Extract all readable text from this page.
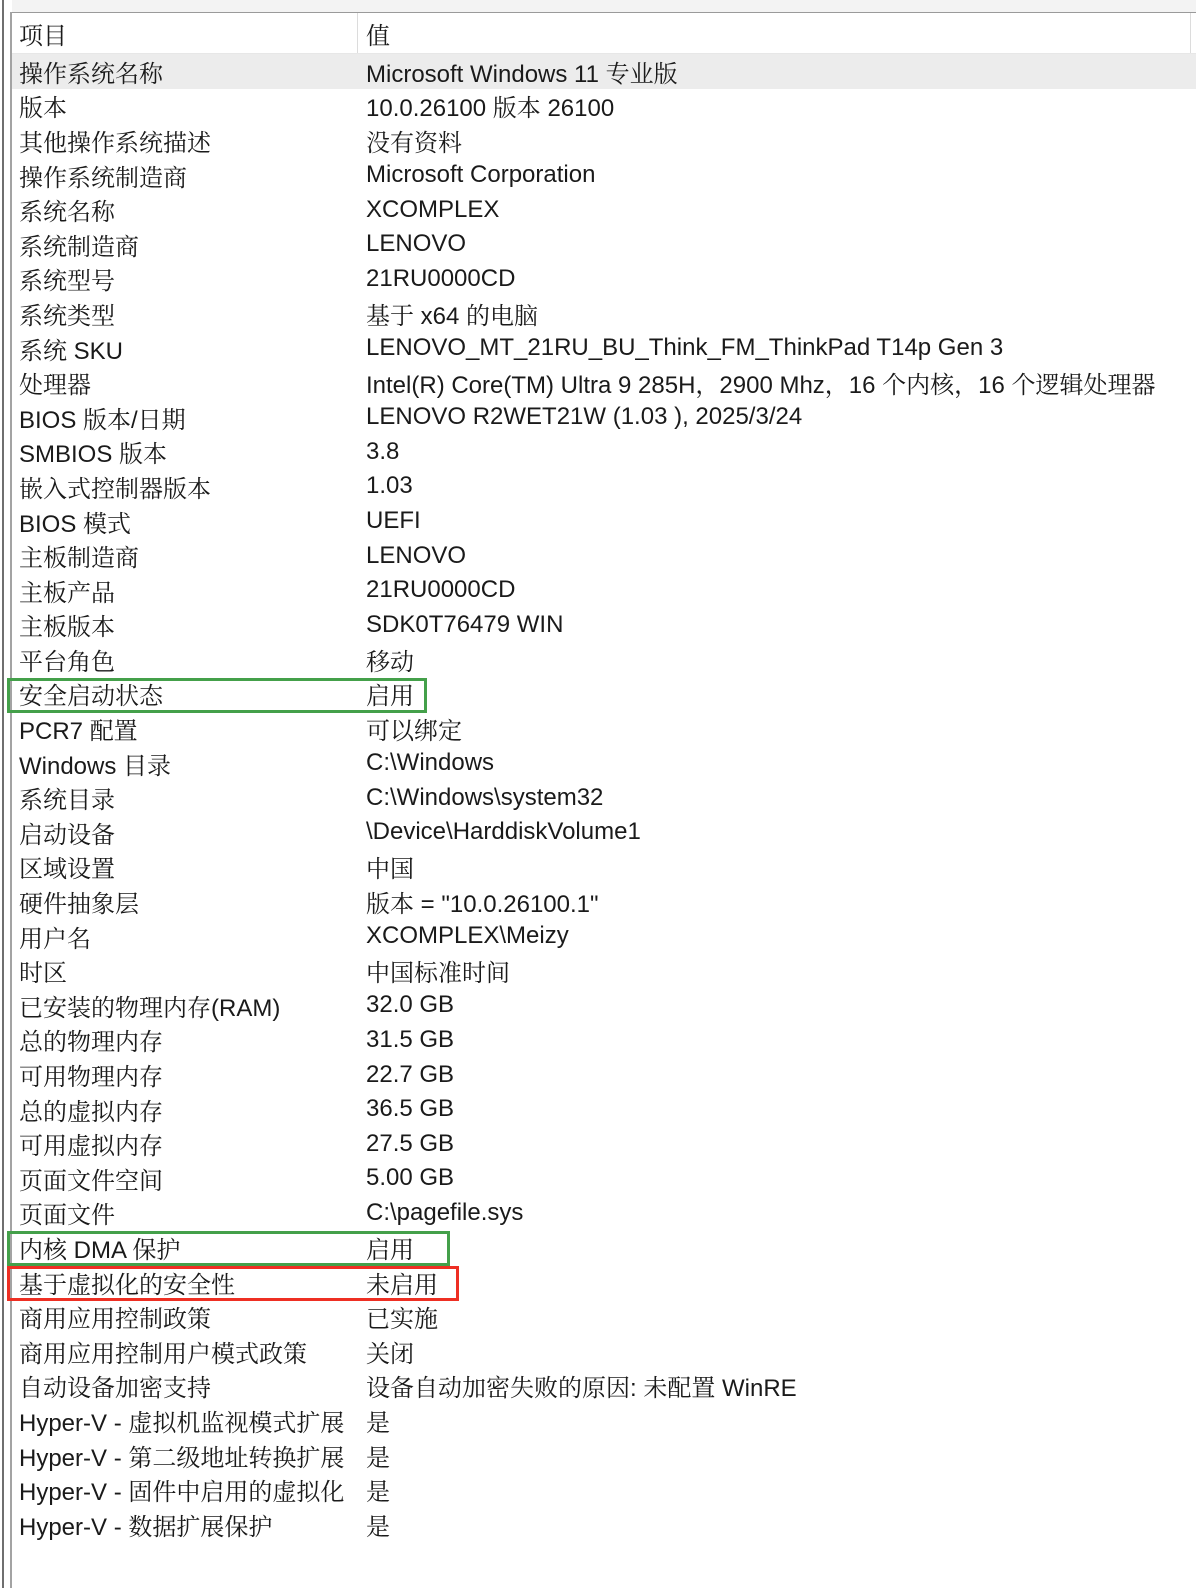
项目	值
操作系统名称	Microsoft Windows 11 专业版
版本	10.0.26100 版本 26100
其他操作系统描述	没有资料
操作系统制造商	Microsoft Corporation
系统名称	XCOMPLEX
系统制造商	LENOVO
系统型号	21RU0000CD
系统类型	基于 x64 的电脑
系统 SKU	LENOVO_MT_21RU_BU_Think_FM_ThinkPad T14p Gen 3
处理器	Intel(R) Core(TM) Ultra 9 285H，2900 Mhz，16 个内核，16 个逻辑处理器
BIOS 版本/日期	LENOVO R2WET21W (1.03 ), 2025/3/24
SMBIOS 版本	3.8
嵌入式控制器版本	1.03
BIOS 模式	UEFI
主板制造商	LENOVO
主板产品	21RU0000CD
主板版本	SDK0T76479 WIN
平台角色	移动
安全启动状态	启用
PCR7 配置	可以绑定
Windows 目录	C:\Windows
系统目录	C:\Windows\system32
启动设备	\Device\HarddiskVolume1
区域设置	中国
硬件抽象层	版本 = "10.0.26100.1"
用户名	XCOMPLEX\Meizy
时区	中国标准时间
已安装的物理内存(RAM)	32.0 GB
总的物理内存	31.5 GB
可用物理内存	22.7 GB
总的虚拟内存	36.5 GB
可用虚拟内存	27.5 GB
页面文件空间	5.00 GB
页面文件	C:\pagefile.sys
内核 DMA 保护	启用
基于虚拟化的安全性	未启用
商用应用控制政策	已实施
商用应用控制用户模式政策	关闭
自动设备加密支持	设备自动加密失败的原因: 未配置 WinRE
Hyper-V - 虚拟机监视模式扩展 是
Hyper-V - 第二级地址转换扩展 是
Hyper-V - 固件中启用的虚拟化 是
Hyper-V - 数据扩展保护	是
